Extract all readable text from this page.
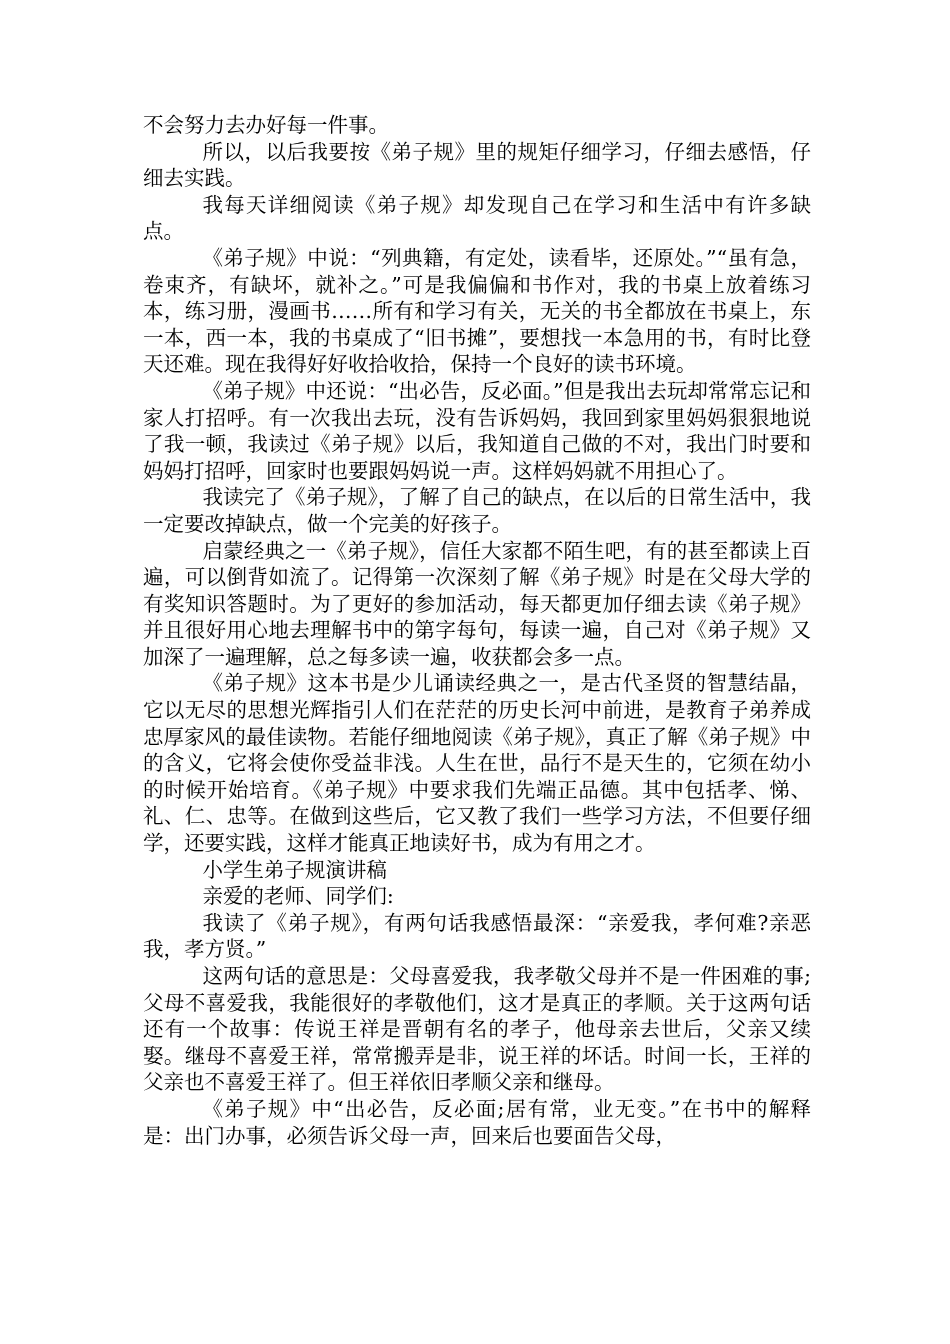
不会努力去办好每一件事。

所以，以后我要按《弟子规》里的规矩仔细学习，仔细去感悟，仔细去实践。

我每天详细阅读《弟子规》却发现自己在学习和生活中有许多缺点。

《弟子规》中说：“列典籍，有定处，读看毕，还原处。”“虽有急，卷束齐，有缺坏，就补之。”可是我偏偏和书作对，我的书桌上放着练习本，练习册，漫画书……所有和学习有关，无关的书全都放在书桌上，东一本，西一本，我的书桌成了“旧书摊”，要想找一本急用的书，有时比登天还难。现在我得好好收拾收拾，保持一个良好的读书环境。

《弟子规》中还说：“出必告，反必面。”但是我出去玩却常常忘记和家人打招呼。有一次我出去玩，没有告诉妈妈，我回到家里妈妈狠狠地说了我一顿，我读过《弟子规》以后，我知道自己做的不对，我出门时要和妈妈打招呼，回家时也要跟妈妈说一声。这样妈妈就不用担心了。

我读完了《弟子规》，了解了自己的缺点，在以后的日常生活中，我一定要改掉缺点，做一个完美的好孩子。

启蒙经典之一《弟子规》，信任大家都不陌生吧，有的甚至都读上百遍，可以倒背如流了。记得第一次深刻了解《弟子规》时是在父母大学的有奖知识答题时。为了更好的参加活动，每天都更加仔细去读《弟子规》并且很好用心地去理解书中的第字每句，每读一遍，自己对《弟子规》又加深了一遍理解，总之每多读一遍，收获都会多一点。

《弟子规》这本书是少儿诵读经典之一，是古代圣贤的智慧结晶，它以无尽的思想光辉指引人们在茫茫的历史长河中前进，是教育子弟养成忠厚家风的最佳读物。若能仔细地阅读《弟子规》，真正了解《弟子规》中的含义，它将会使你受益非浅。人生在世，品行不是天生的，它须在幼小的时候开始培育。《弟子规》中要求我们先端正品德。其中包括孝、悌、礼、仁、忠等。在做到这些后，它又教了我们一些学习方法，不但要仔细学，还要实践，这样才能真正地读好书，成为有用之才。

小学生弟子规演讲稿

亲爱的老师、同学们:

我读了《弟子规》，有两句话我感悟最深：“亲爱我，孝何难?亲恶我，孝方贤。”

这两句话的意思是：父母喜爱我，我孝敬父母并不是一件困难的事;父母不喜爱我，我能很好的孝敬他们，这才是真正的孝顺。关于这两句话还有一个故事：传说王祥是晋朝有名的孝子，他母亲去世后，父亲又续娶。继母不喜爱王祥，常常搬弄是非，说王祥的坏话。时间一长，王祥的父亲也不喜爱王祥了。但王祥依旧孝顺父亲和继母。

《弟子规》中“出必告，反必面;居有常，业无变。”在书中的解释是：出门办事，必须告诉父母一声，回来后也要面告父母，
